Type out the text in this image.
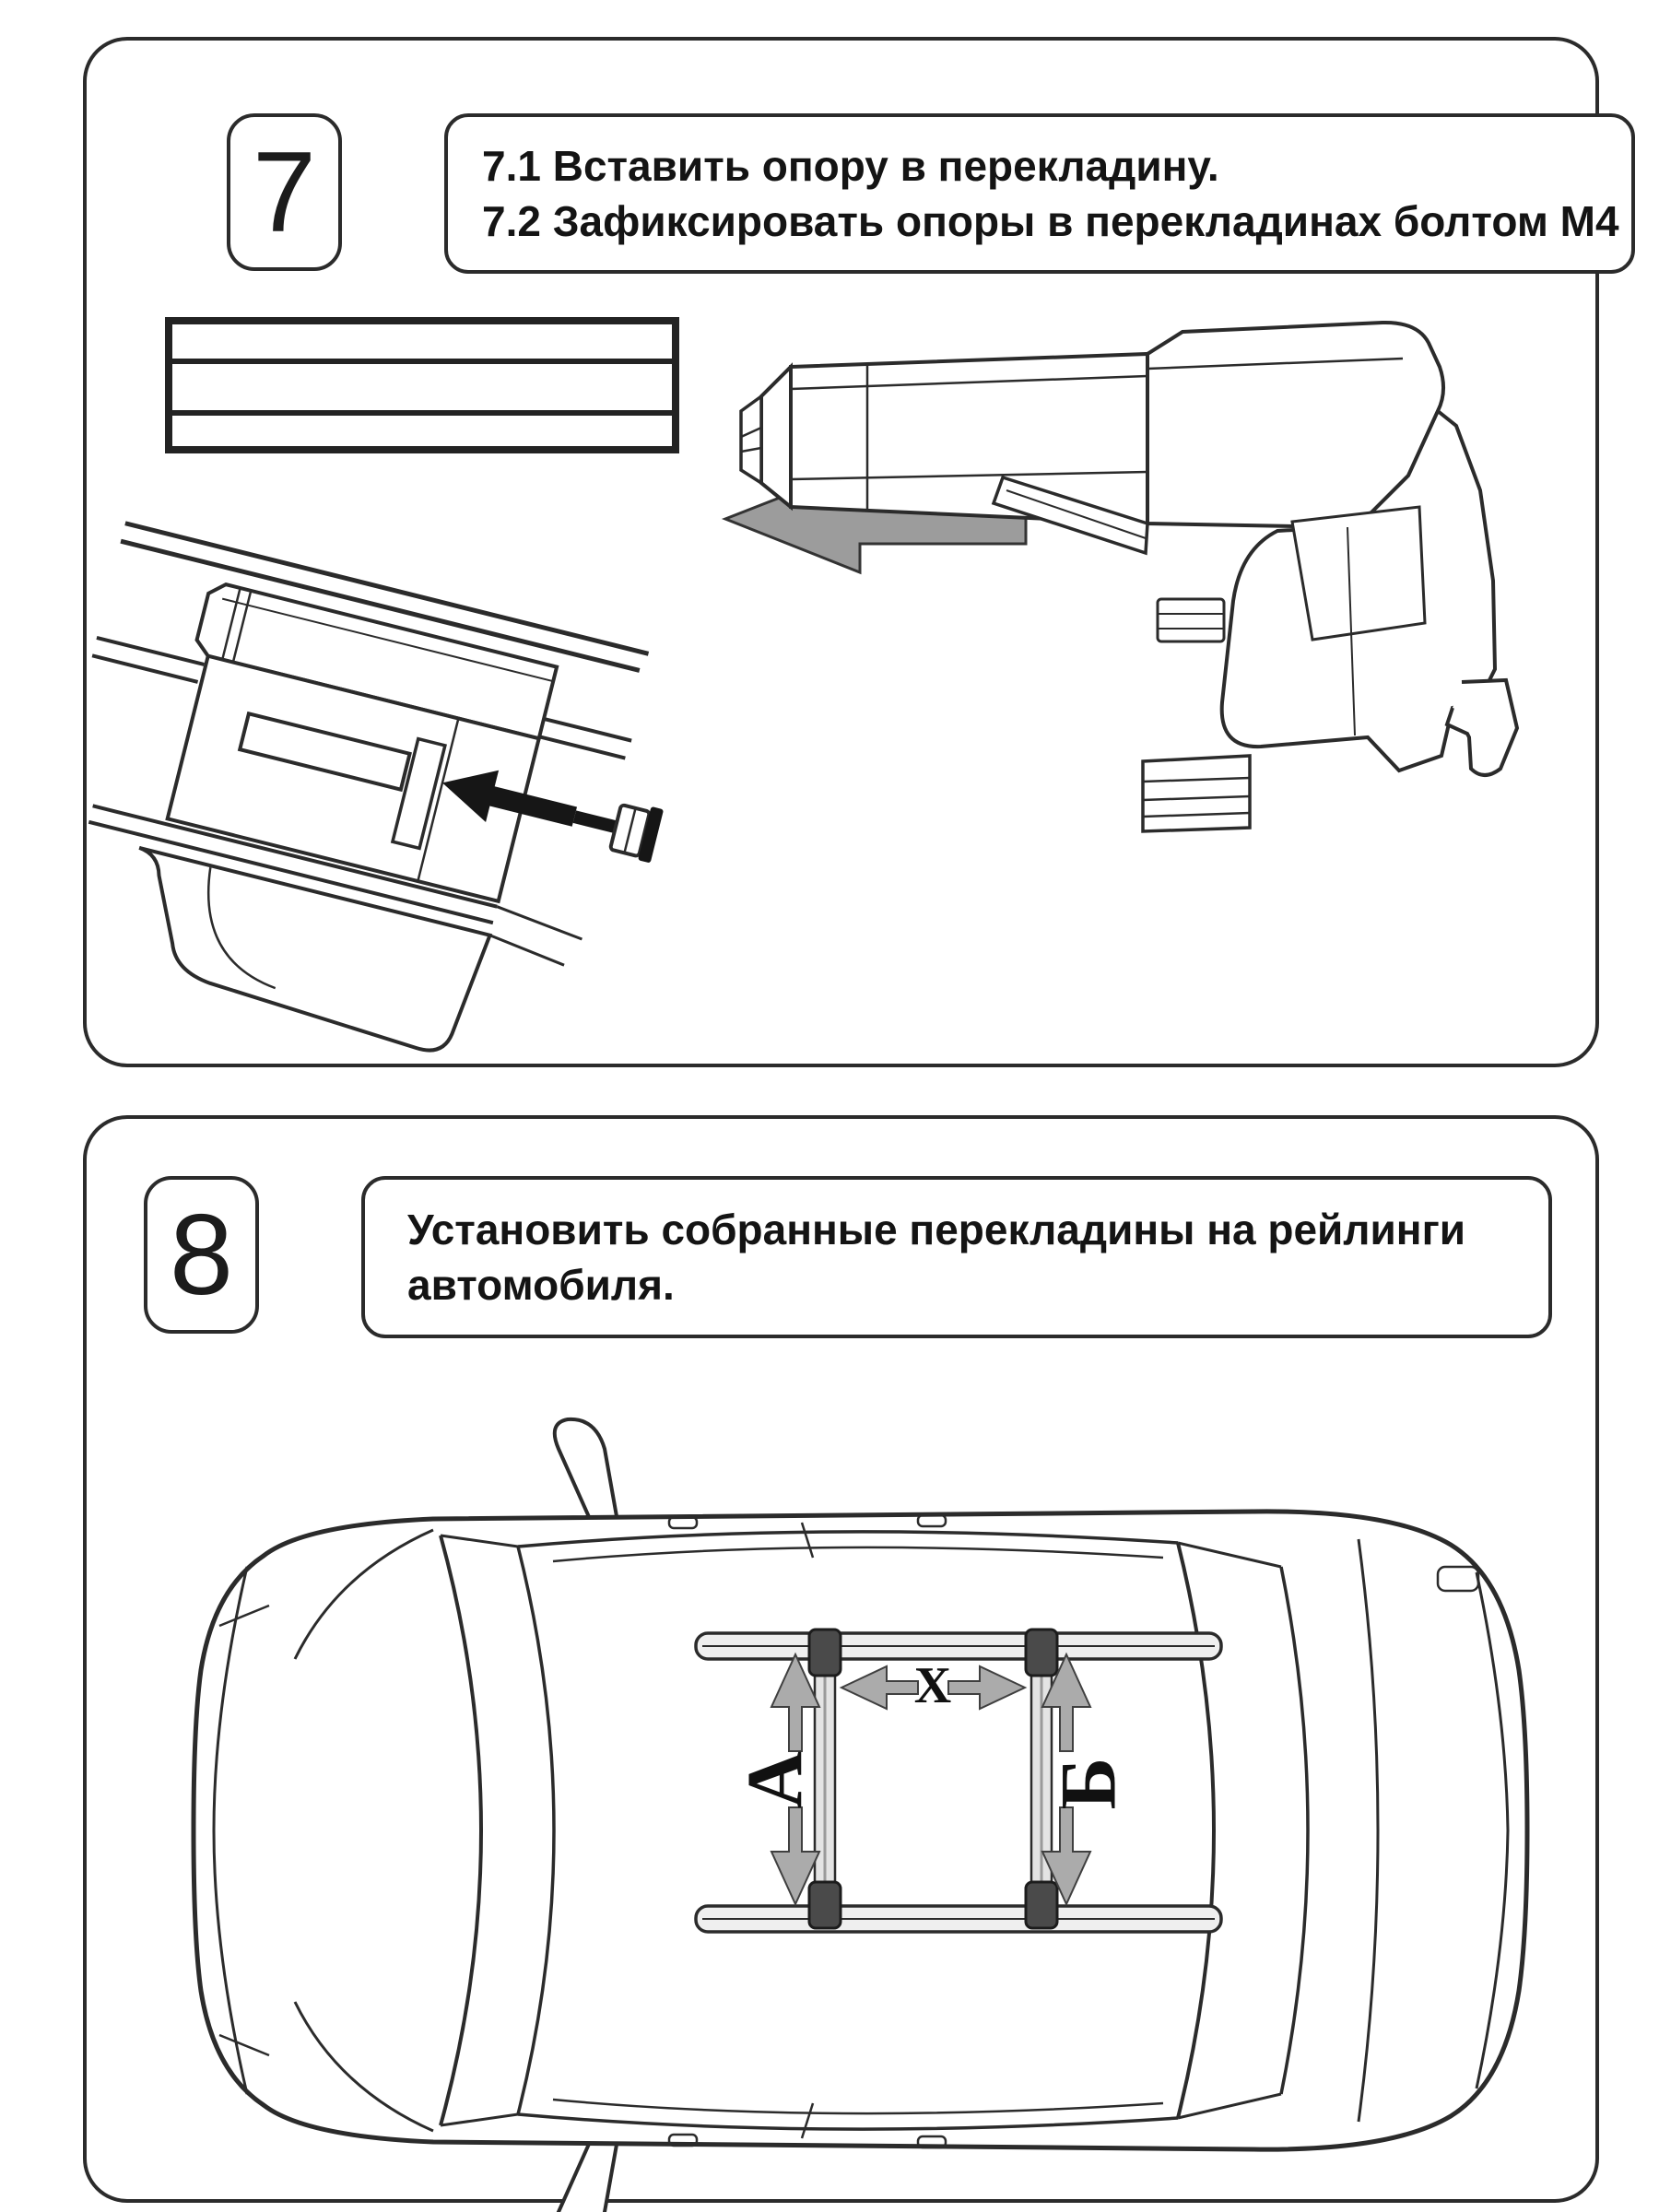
7	7.1 Вставить опору в перекладину.

7.2 Зафиксировать опоры в перекладинах болтом М4

8	Установить собранные перекладины на рейлинги

автомобиля.

А	Б
X
